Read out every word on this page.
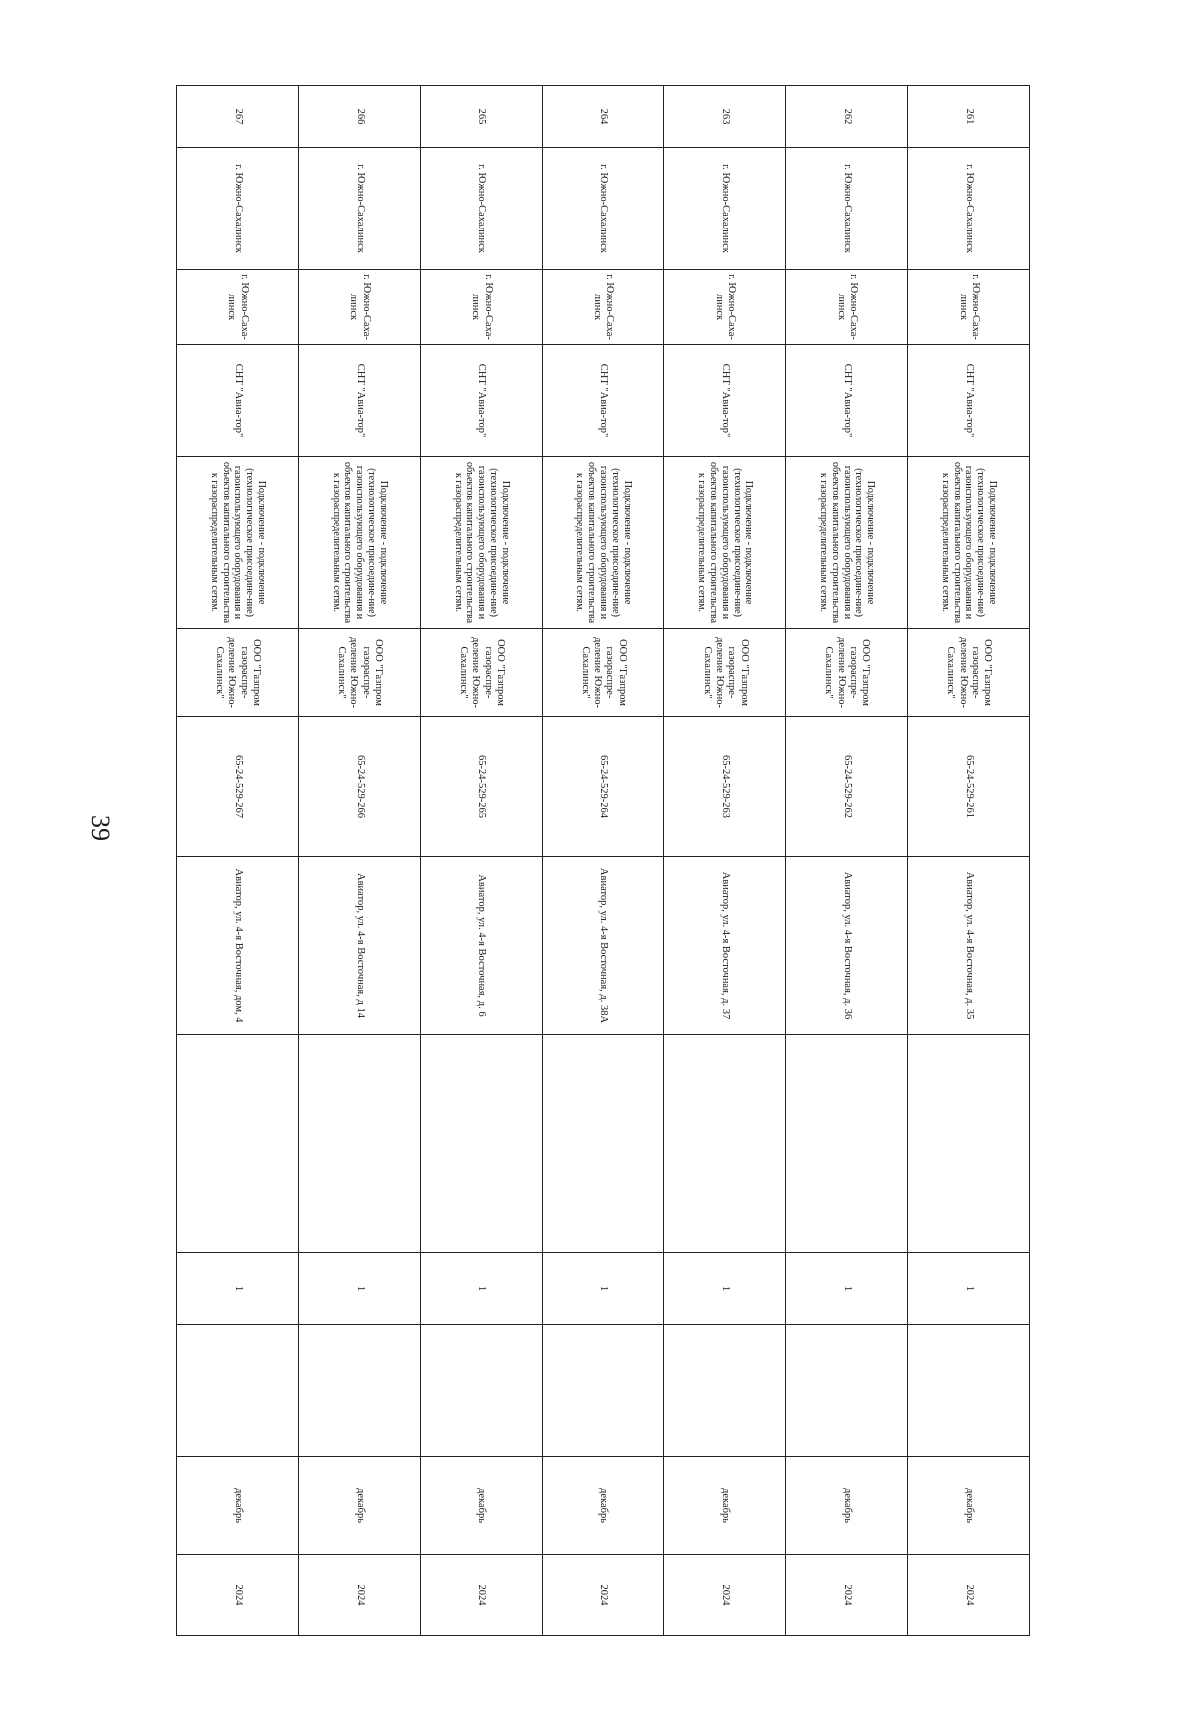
39
261	г. Южно-Сахалинск	г. Южно-Саха-линск	СНТ "Авиа-тор"	Подключение - подключение (технологическое присоедине-ние) газоиспользующего оборудования и объектов капитального строительства к газораспределительным сетям.	ООО "Газпром газораспре-деление Южно-Сахалинск"	65-24-529-261	Авиатор, ул. 4-я Восточная, д. 35		1		декабрь	2024
262	г. Южно-Сахалинск	г. Южно-Саха-линск	СНТ "Авиа-тор"	Подключение - подключение (технологическое присоедине-ние) газоиспользующего оборудования и объектов капитального строительства к газораспределительным сетям.	ООО "Газпром газораспре-деление Южно-Сахалинск"	65-24-529-262	Авиатор, ул. 4-я Восточная, д. 36		1		декабрь	2024
263	г. Южно-Сахалинск	г. Южно-Саха-линск	СНТ "Авиа-тор"	Подключение - подключение (технологическое присоедине-ние) газоиспользующего оборудования и объектов капитального строительства к газораспределительным сетям.	ООО "Газпром газораспре-деление Южно-Сахалинск"	65-24-529-263	Авиатор, ул. 4-я Восточная, д. 37		1		декабрь	2024
264	г. Южно-Сахалинск	г. Южно-Саха-линск	СНТ "Авиа-тор"	Подключение - подключение (технологическое присоедине-ние) газоиспользующего оборудования и объектов капитального строительства к газораспределительным сетям.	ООО "Газпром газораспре-деление Южно-Сахалинск"	65-24-529-264	Авиатор, ул. 4-я Восточная, д. 38А		1		декабрь	2024
265	г. Южно-Сахалинск	г. Южно-Саха-линск	СНТ "Авиа-тор"	Подключение - подключение (технологическое присоедине-ние) газоиспользующего оборудования и объектов капитального строительства к газораспределительным сетям.	ООО "Газпром газораспре-деление Южно-Сахалинск"	65-24-529-265	Авиатор, ул. 4-я Восточная, д. 6		1		декабрь	2024
266	г. Южно-Сахалинск	г. Южно-Саха-линск	СНТ "Авиа-тор"	Подключение - подключение (технологическое присоедине-ние) газоиспользующего оборудования и объектов капитального строительства к газораспределительным сетям.	ООО "Газпром газораспре-деление Южно-Сахалинск"	65-24-529-266	Авиатор, ул. 4-я Восточная, д 14		1		декабрь	2024
267	г. Южно-Сахалинск	г. Южно-Саха-линск	СНТ "Авиа-тор"	Подключение - подключение (технологическое присоедине-ние) газоиспользующего оборудования и объектов капитального строительства к газораспределительным сетям.	ООО "Газпром газораспре-деление Южно-Сахалинск"	65-24-529-267	Авиатор, ул. 4-я Восточная, дом, 4		1		декабрь	2024
